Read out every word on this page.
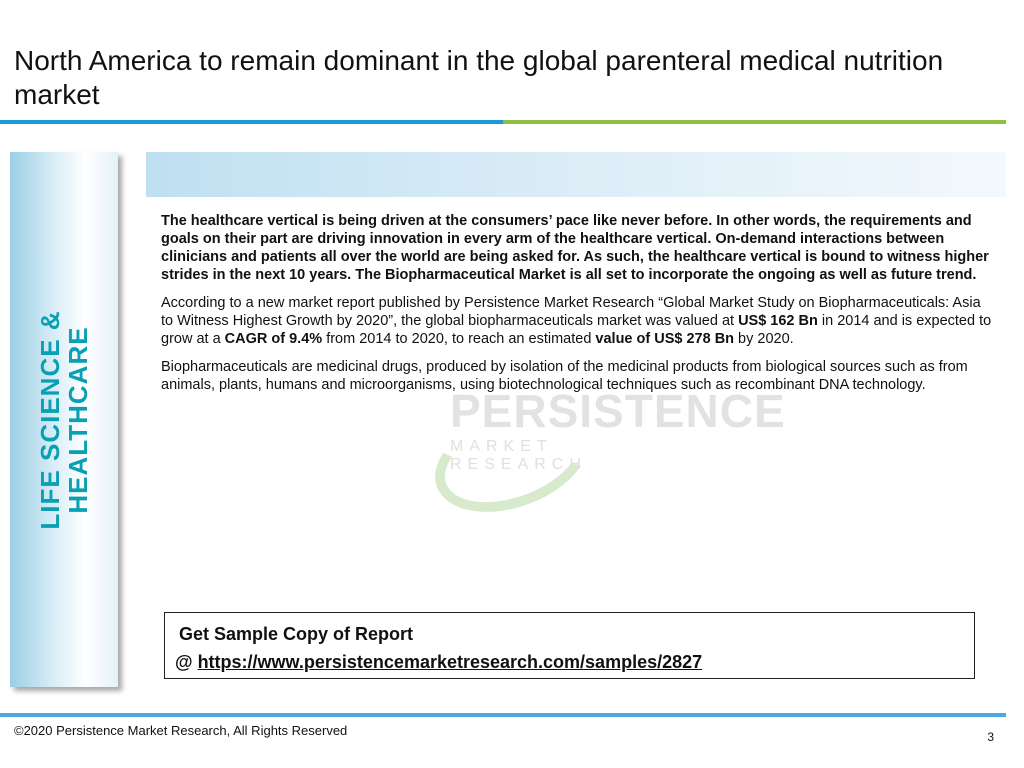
North America to remain dominant in the global parenteral medical nutrition market
LIFE SCIENCE &
HEALTHCARE	PERSISTENCE
MARKET RESEARCH

The healthcare vertical is being driven at the consumers’ pace like never before. In other words, the requirements and goals on their part are driving innovation in every arm of the healthcare vertical. On-demand interactions between clinicians and patients all over the world are being asked for. As such, the healthcare vertical is bound to witness higher strides in the next 10 years. The Biopharmaceutical Market is all set to incorporate the ongoing as well as future trend.

According to a new market report published by Persistence Market Research “Global Market Study on Biopharmaceuticals: Asia to Witness Highest Growth by 2020”, the global biopharmaceuticals market was valued at US$ 162 Bn in 2014 and is expected to grow at a CAGR of 9.4% from 2014 to 2020, to reach an estimated value of US$ 278 Bn by 2020.

Biopharmaceuticals are medicinal drugs, produced by isolation of the medicinal products from biological sources such as from animals, plants, humans and microorganisms, using biotechnological techniques such as recombinant DNA technology.

Get Sample Copy of Report
@ https://www.persistencemarketresearch.com/samples/2827
©2020 Persistence Market Research, All Rights Reserved	3
